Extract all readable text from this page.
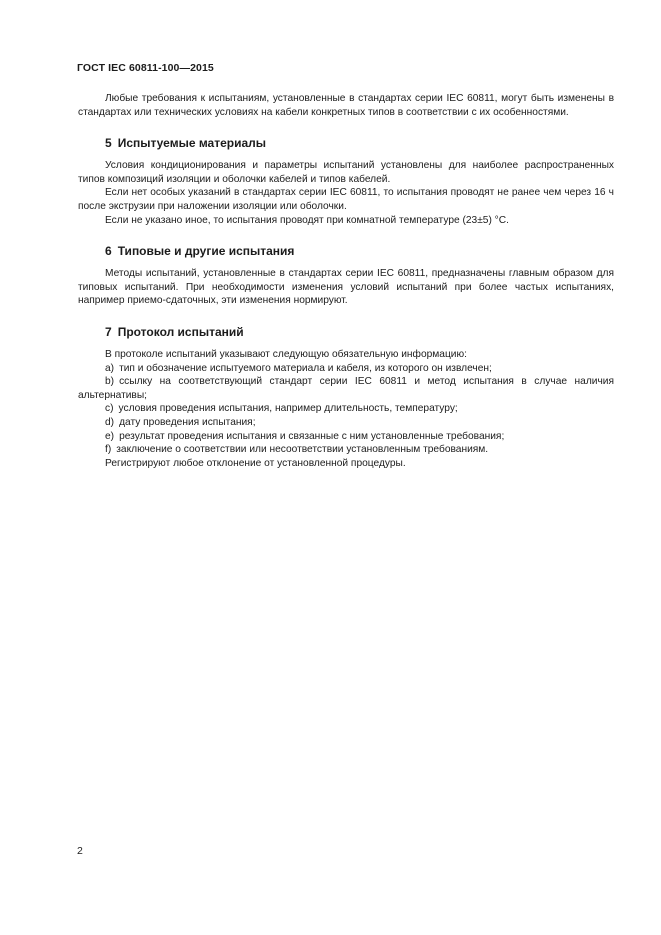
ГОСТ IEC 60811-100—2015

Любые требования к испытаниям, установленные в стандартах серии IEC 60811, могут быть изменены в стандартах или технических условиях на кабели конкретных типов в соответствии с их особенностями.

5 Испытуемые материалы

Условия кондиционирования и параметры испытаний установлены для наиболее распространенных типов композиций изоляции и оболочки кабелей и типов кабелей.

Если нет особых указаний в стандартах серии IEC 60811, то испытания проводят не ранее чем через 16 ч после экструзии при наложении изоляции или оболочки.

Если не указано иное, то испытания проводят при комнатной температуре (23±5) °С.

6 Типовые и другие испытания

Методы испытаний, установленные в стандартах серии IEC 60811, предназначены главным образом для типовых испытаний. При необходимости изменения условий испытаний при более частых испытаниях, например приемо-сдаточных, эти изменения нормируют.

7 Протокол испытаний

В протоколе испытаний указывают следующую обязательную информацию:

a) тип и обозначение испытуемого материала и кабеля, из которого он извлечен;

b) ссылку на соответствующий стандарт серии IEC 60811 и метод испытания в случае наличия альтернативы;

c) условия проведения испытания, например длительность, температуру;

d) дату проведения испытания;

e) результат проведения испытания и связанные с ним установленные требования;

f) заключение о соответствии или несоответствии установленным требованиям.

Регистрируют любое отклонение от установленной процедуры.

2
